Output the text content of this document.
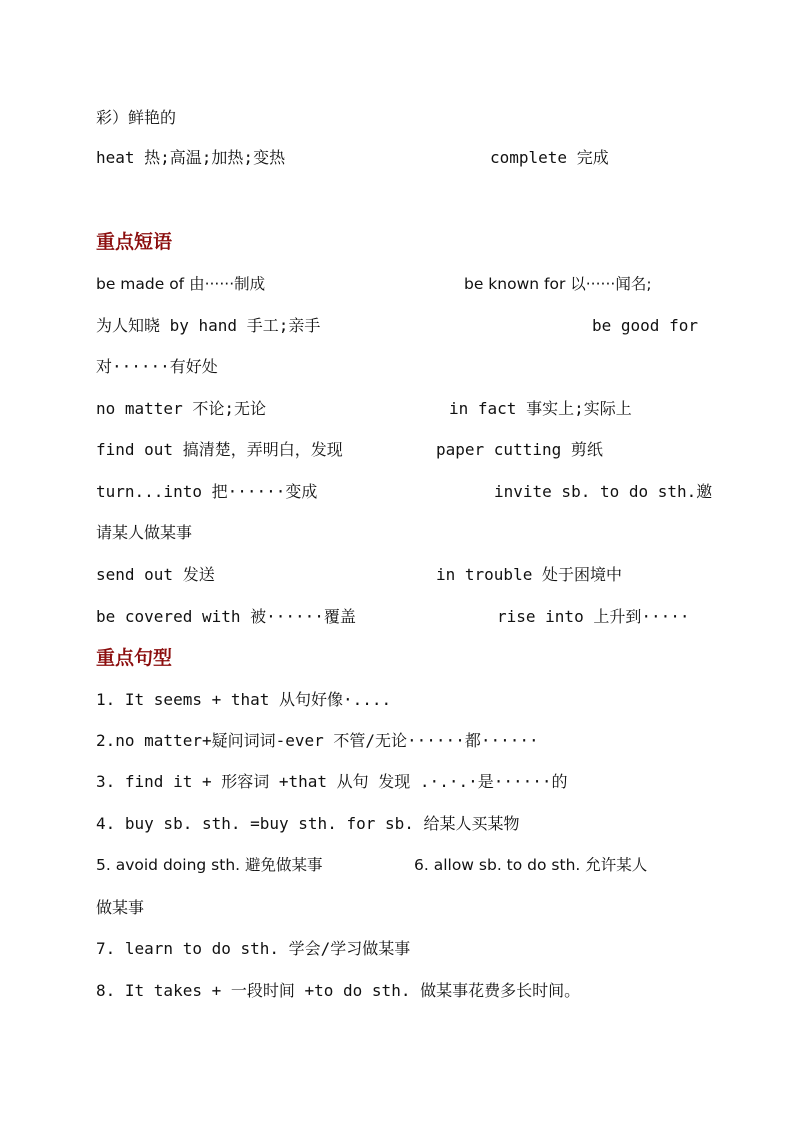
彩）鲜艳的
heat 热;高温;加热;变热	complete 完成
重点短语
be made of 由······制成	be known for 以······闻名;
为人知晓 by hand 手工;亲手	be good for
对······有好处
no matter 不论;无论	in fact 事实上;实际上
find out 搞清楚，弄明白，发现	paper cutting 剪纸
turn...into 把······变成	invite sb. to do sth.邀
请某人做某事
send out 发送	in trouble 处于困境中
be covered with 被······覆盖	rise into 上升到·····
重点句型
1. It seems + that 从句好像·....
2.no matter+疑问词词-ever 不管/无论······都······
3. find it + 形容词 +that 从句 发现 .·.·.·是······的
4. buy sb. sth. =buy sth. for sb. 给某人买某物
5. avoid doing sth. 避免做某事	6. allow sb. to do sth. 允许某人
做某事
7. learn to do sth. 学会/学习做某事
8. It takes + 一段时间 +to do sth. 做某事花费多长时间。
